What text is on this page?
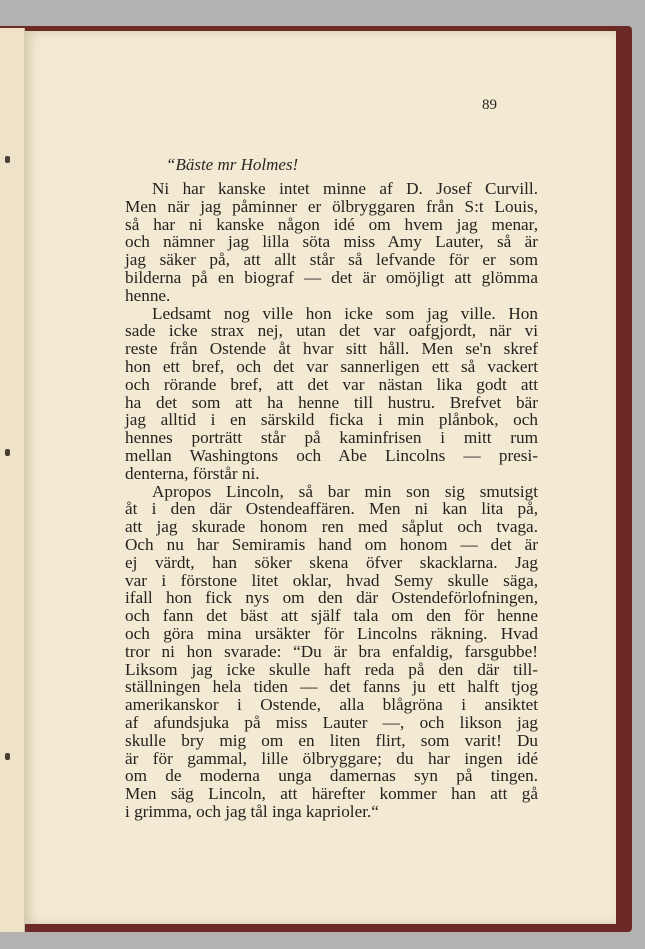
89

“Bäste mr Holmes!

Ni har kanske intet minne af D. Josef Curvill.
Men när jag påminner er ölbryggaren från S:t Louis,
så har ni kanske någon idé om hvem jag menar,
och nämner jag lilla söta miss Amy Lauter, så är
jag säker på, att allt står så lefvande för er som
bilderna på en biograf — det är omöjligt att glömma
henne.
Ledsamt nog ville hon icke som jag ville. Hon
sade icke strax nej, utan det var oafgjordt, när vi
reste från Ostende åt hvar sitt håll. Men se'n skref
hon ett bref, och det var sannerligen ett så vackert
och rörande bref, att det var nästan lika godt att
ha det som att ha henne till hustru. Brefvet bär
jag alltid i en särskild ficka i min plånbok, och
hennes porträtt står på kaminfrisen i mitt rum
mellan Washingtons och Abe Lincolns — presi-
denterna, förstår ni.
Apropos Lincoln, så bar min son sig smutsigt
åt i den där Ostendeaffären. Men ni kan lita på,
att jag skurade honom ren med såplut och tvaga.
Och nu har Semiramis hand om honom — det är
ej värdt, han söker skena öfver skacklarna. Jag
var i förstone litet oklar, hvad Semy skulle säga,
ifall hon fick nys om den där Ostendeförlofningen,
och fann det bäst att själf tala om den för henne
och göra mina ursäkter för Lincolns räkning. Hvad
tror ni hon svarade: “Du är bra enfaldig, farsgubbe!
Liksom jag icke skulle haft reda på den där till-
ställningen hela tiden — det fanns ju ett halft tjog
amerikanskor i Ostende, alla blågröna i ansiktet
af afundsjuka på miss Lauter —, och likson jag
skulle bry mig om en liten flirt, som varit! Du
är för gammal, lille ölbryggare; du har ingen idé
om de moderna unga damernas syn på tingen.
Men säg Lincoln, att härefter kommer han att gå
i grimma, och jag tål inga kaprioler.“
